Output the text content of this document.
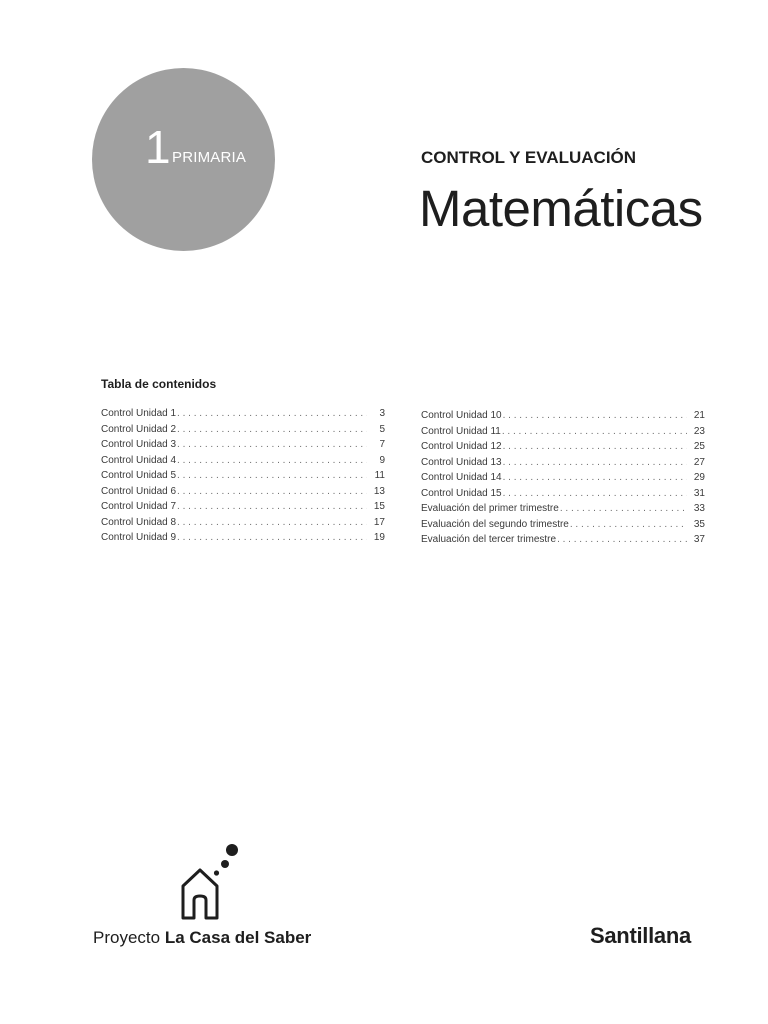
1 PRIMARIA	CONTROL Y EVALUACIÓN
Matemáticas
Tabla de contenidos
Control Unidad 1 . . .	3
Control Unidad 2 . . .	5
Control Unidad 3 . . .	7
Control Unidad 4 . . .	9
Control Unidad 5 . . .	11
Control Unidad 6 . . .	13
Control Unidad 7 . . .	15
Control Unidad 8 . . .	17
Control Unidad 9 . . .	19
Control Unidad 10 . . .	21
Control Unidad 11 . . .	23
Control Unidad 12 . . .	25
Control Unidad 13 . . .	27
Control Unidad 14 . . .	29
Control Unidad 15 . . .	31
Evaluación del primer trimestre . . .	33
Evaluación del segundo trimestre . . .	35
Evaluación del tercer trimestre . . .	37
Proyecto La Casa del Saber	Santillana
